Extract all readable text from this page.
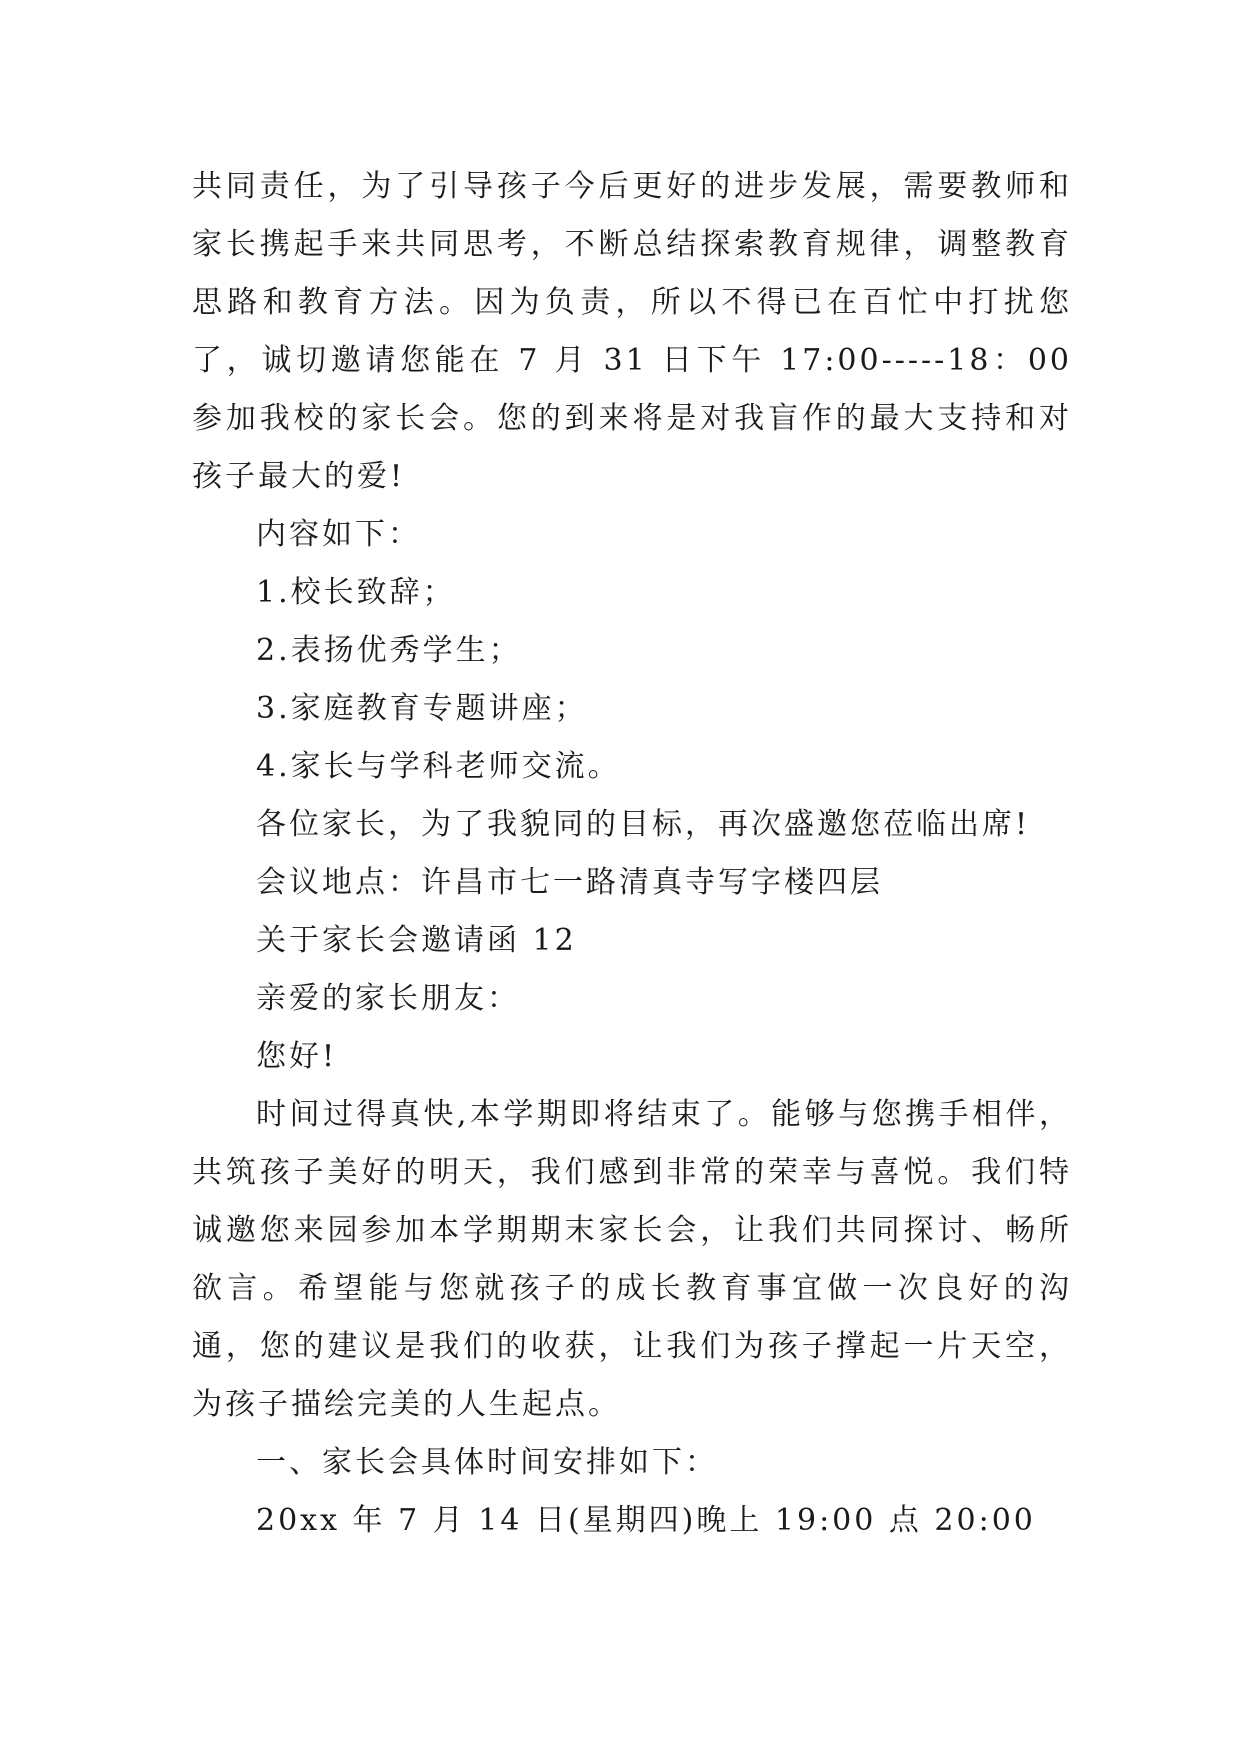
共同责任，为了引导孩子今后更好的进步发展，需要教师和家长携起手来共同思考，不断总结探索教育规律，调整教育思路和教育方法。因为负责，所以不得已在百忙中打扰您了，诚切邀请您能在 7 月 31 日下午 17:00-----18：00 参加我校的家长会。您的到来将是对我盲作的最大支持和对孩子最大的爱!

内容如下：

1.校长致辞；

2.表扬优秀学生；

3.家庭教育专题讲座；

4.家长与学科老师交流。

各位家长，为了我貌同的目标，再次盛邀您莅临出席!

会议地点：许昌市七一路清真寺写字楼四层

关于家长会邀请函 12

亲爱的家长朋友：

您好!

时间过得真快,本学期即将结束了。能够与您携手相伴，共筑孩子美好的明天，我们感到非常的荣幸与喜悦。我们特诚邀您来园参加本学期期末家长会，让我们共同探讨、畅所欲言。希望能与您就孩子的成长教育事宜做一次良好的沟通，您的建议是我们的收获，让我们为孩子撑起一片天空，为孩子描绘完美的人生起点。

一、家长会具体时间安排如下：

20xx 年 7 月 14 日(星期四)晚上 19:00 点 20:00
